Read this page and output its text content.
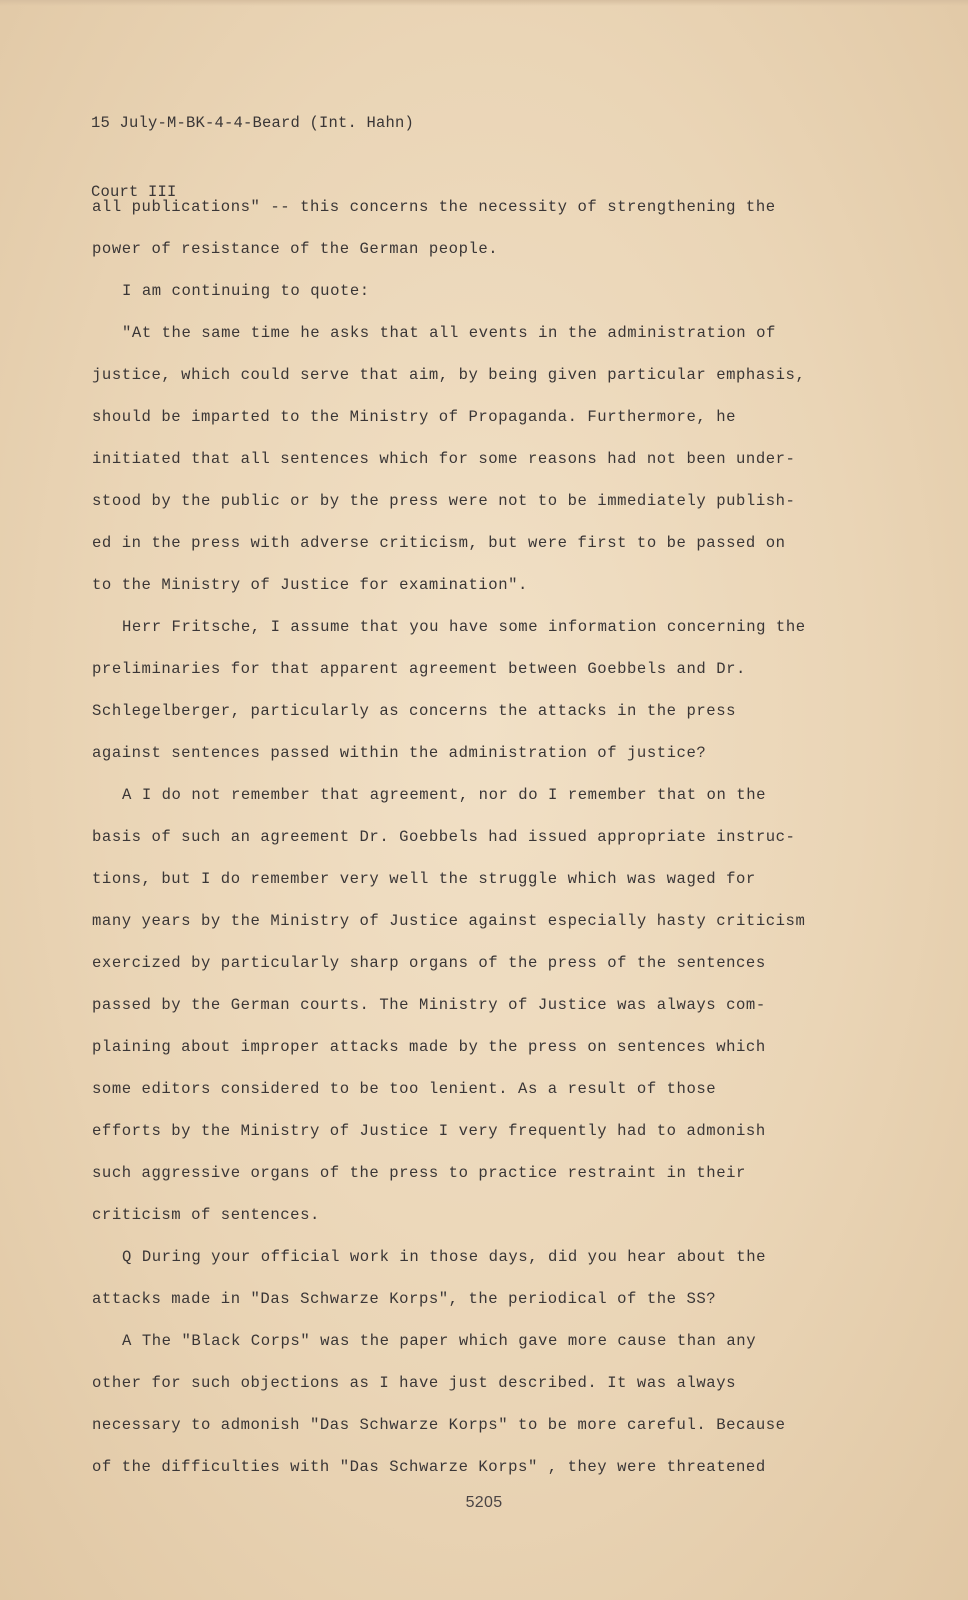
15 July-M-BK-4-4-Beard (Int. Hahn)

Court III

all publications" -- this concerns the necessity of strengthening the
power of resistance of the German people.
I am continuing to quote:
"At the same time he asks that all events in the administration of
justice, which could serve that aim, by being given particular emphasis,
should be imparted to the Ministry of Propaganda. Furthermore, he
initiated that all sentences which for some reasons had not been under-
stood by the public or by the press were not to be immediately publish-
ed in the press with adverse criticism, but were first to be passed on
to the Ministry of Justice for examination".
Herr Fritsche, I assume that you have some information concerning the
preliminaries for that apparent agreement between Goebbels and Dr.
Schlegelberger, particularly as concerns the attacks in the press
against sentences passed within the administration of justice?
A I do not remember that agreement, nor do I remember that on the
basis of such an agreement Dr. Goebbels had issued appropriate instruc-
tions, but I do remember very well the struggle which was waged for
many years by the Ministry of Justice against especially hasty criticism
exercized by particularly sharp organs of the press of the sentences
passed by the German courts. The Ministry of Justice was always com-
plaining about improper attacks made by the press on sentences which
some editors considered to be too lenient. As a result of those
efforts by the Ministry of Justice I very frequently had to admonish
such aggressive organs of the press to practice restraint in their
criticism of sentences.
Q During your official work in those days, did you hear about the
attacks made in "Das Schwarze Korps", the periodical of the SS?
A The "Black Corps" was the paper which gave more cause than any
other for such objections as I have just described. It was always
necessary to admonish "Das Schwarze Korps" to be more careful. Because
of the difficulties with "Das Schwarze Korps" , they were threatened
5205
